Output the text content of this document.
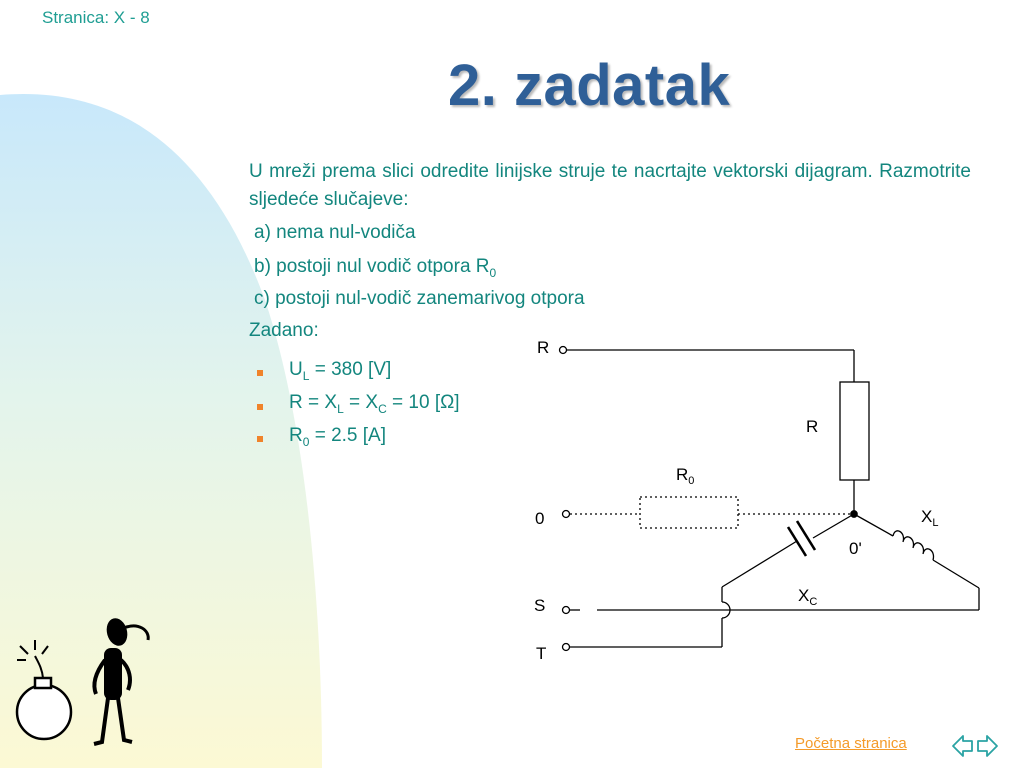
Stranica: X - 8
2. zadatak
U mreži prema slici odredite linijske struje te nacrtajte vektorski dijagram. Razmotrite sljedeće slučajeve:
a) nema nul-vodiča
b) postoji nul vodič otpora $R_0$
c) postoji nul-vodič zanemarivog otpora
Zadano:
$U_L = 380$ [V]
$R = X_L = X_C = 10$ [Ω]
$R_0 = 2.5$ [A]
R
R
$R_0$
0	$X_L$
0'
$X_C$
S
T
Početna stranica
